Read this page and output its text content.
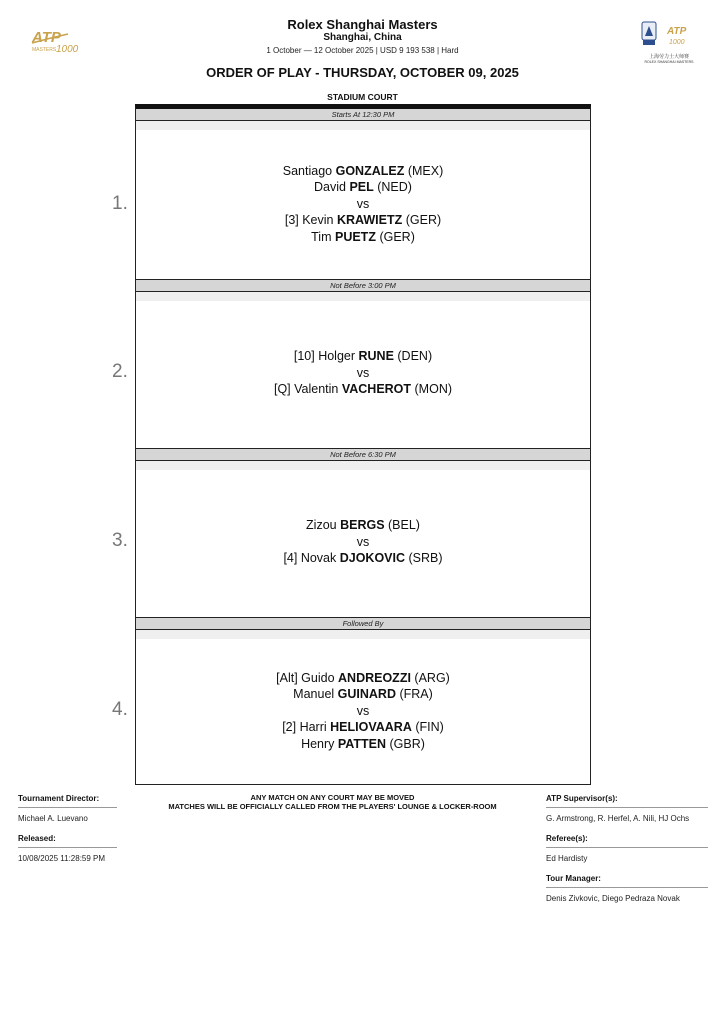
ATP
MASTERS 1000
ATP
1000
上海劳力士大师赛
ROLEX SHANGHAI MASTERS
Rolex Shanghai Masters
Shanghai, China
1 October — 12 October 2025 | USD 9 193 538 | Hard
ORDER OF PLAY - THURSDAY, OCTOBER 09, 2025
STADIUM COURT
Starts At 12:30 PM
Santiago GONZALEZ (MEX)
David PEL (NED)
vs
[3] Kevin KRAWIETZ (GER)
Tim PUETZ (GER)
Not Before 3:00 PM
[10] Holger RUNE (DEN)
vs
[Q] Valentin VACHEROT (MON)
Not Before 6:30 PM
Zizou BERGS (BEL)
vs
[4] Novak DJOKOVIC (SRB)
Followed By
[Alt] Guido ANDREOZZI (ARG)
Manuel GUINARD (FRA)
vs
[2] Harri HELIOVAARA (FIN)
Henry PATTEN (GBR)
1.
2.
3.
4.
Tournament Director:
Michael A. Luevano
Released:
10/08/2025 11:28:59 PM
ANY MATCH ON ANY COURT MAY BE MOVED
MATCHES WILL BE OFFICIALLY CALLED FROM THE PLAYERS' LOUNGE & LOCKER-ROOM
ATP Supervisor(s):
G. Armstrong, R. Herfel, A. Nili, HJ Ochs
Referee(s):
Ed Hardisty
Tour Manager:
Denis Zivkovic, Diego Pedraza Novak
